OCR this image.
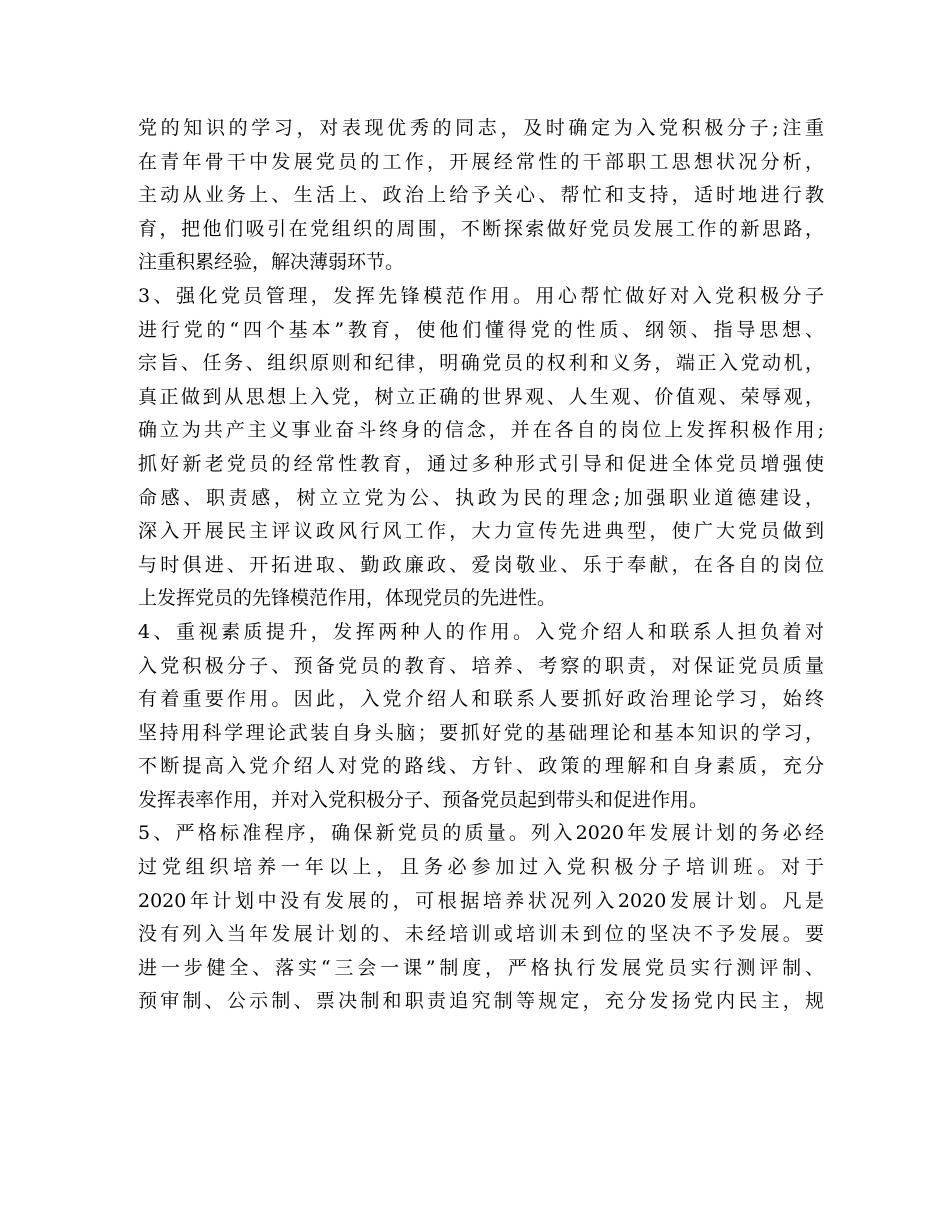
党的知识的学习，对表现优秀的同志，及时确定为入党积极分子;注重
在青年骨干中发展党员的工作，开展经常性的干部职工思想状况分析，
主动从业务上、生活上、政治上给予关心、帮忙和支持，适时地进行教
育，把他们吸引在党组织的周围，不断探索做好党员发展工作的新思路，
注重积累经验，解决薄弱环节。
3、强化党员管理，发挥先锋模范作用。用心帮忙做好对入党积极分子
进行党的“四个基本”教育，使他们懂得党的性质、纲领、指导思想、
宗旨、任务、组织原则和纪律，明确党员的权利和义务，端正入党动机，
真正做到从思想上入党，树立正确的世界观、人生观、价值观、荣辱观，
确立为共产主义事业奋斗终身的信念，并在各自的岗位上发挥积极作用;
抓好新老党员的经常性教育，通过多种形式引导和促进全体党员增强使
命感、职责感，树立立党为公、执政为民的理念;加强职业道德建设，
深入开展民主评议政风行风工作，大力宣传先进典型，使广大党员做到
与时俱进、开拓进取、勤政廉政、爱岗敬业、乐于奉献，在各自的岗位
上发挥党员的先锋模范作用，体现党员的先进性。
4、重视素质提升，发挥两种人的作用。入党介绍人和联系人担负着对
入党积极分子、预备党员的教育、培养、考察的职责，对保证党员质量
有着重要作用。因此，入党介绍人和联系人要抓好政治理论学习，始终
坚持用科学理论武装自身头脑；要抓好党的基础理论和基本知识的学习，
不断提高入党介绍人对党的路线、方针、政策的理解和自身素质，充分
发挥表率作用，并对入党积极分子、预备党员起到带头和促进作用。
5、严格标准程序，确保新党员的质量。列入2020年发展计划的务必经
过党组织培养一年以上，且务必参加过入党积极分子培训班。对于
2020年计划中没有发展的，可根据培养状况列入2020发展计划。凡是
没有列入当年发展计划的、未经培训或培训未到位的坚决不予发展。要
进一步健全、落实“三会一课”制度，严格执行发展党员实行测评制、
预审制、公示制、票决制和职责追究制等规定，充分发扬党内民主，规
